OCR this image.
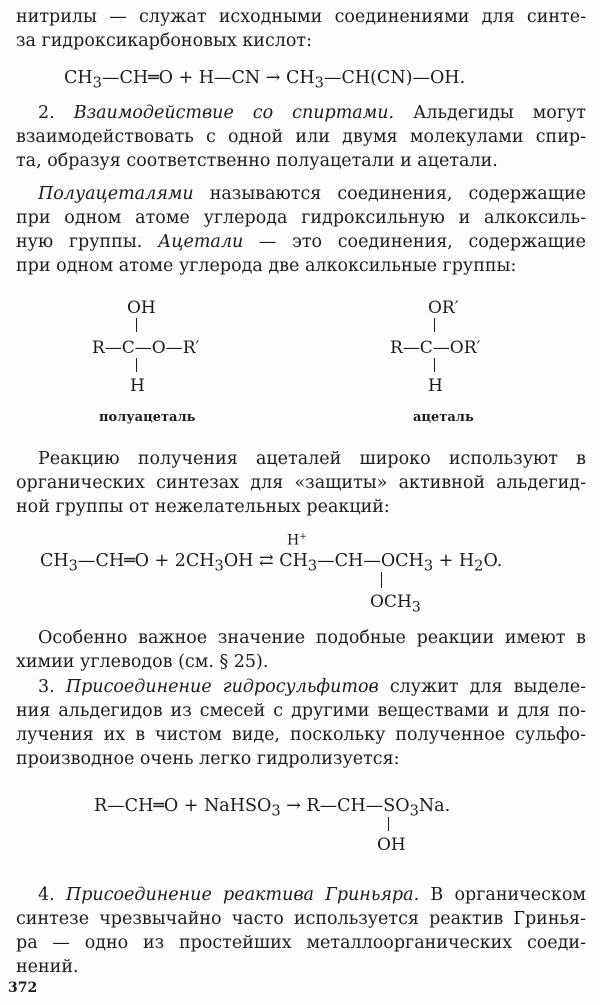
нитрилы — служат исходными соединениями для синте-
за гидроксикарбоновых кислот:
$CH_3—CH═O$ + H—CN → $CH_3—CH(CN)—OH$.
2. Взаимодействие со спиртами. Альдегиды могут
взаимодействовать с одной или двумя молекулами спир-
та, образуя соответственно полуацетали и ацетали.
Полуацеталями называются соединения, содержащие
при одном атоме углерода гидроксильную и алкоксиль-
ную группы. Ацетали — это соединения, содержащие
при одном атоме углерода две алкоксильные группы:
OH
R—C—O—R′
H
полуацеталь
OR′
R—C—OR′
H
ацеталь
Реакцию получения ацеталей широко используют в
органических синтезах для «защиты» активной альдегид-
ной группы от нежелательных реакций:
H+
$CH_3—CH═O + 2CH_3OH$ ⇄ $CH_3—CH—OCH_3 + H_2O$.
$OCH_3$
Особенно важное значение подобные реакции имеют в
химии углеводов (см. § 25).
3. Присоединение гидросульфитов служит для выделе-
ния альдегидов из смесей с другими веществами и для по-
лучения их в чистом виде, поскольку полученное сульфо-
производное очень легко гидролизуется:
R—CH═O + NaHSO$_3$ → $R—CH—SO_3Na$.
OH
4. Присоединение реактива Гриньяра. В органическом
синтезе чрезвычайно часто используется реактив Гринья-
ра — одно из простейших металлоорганических соеди-
нений.
372
